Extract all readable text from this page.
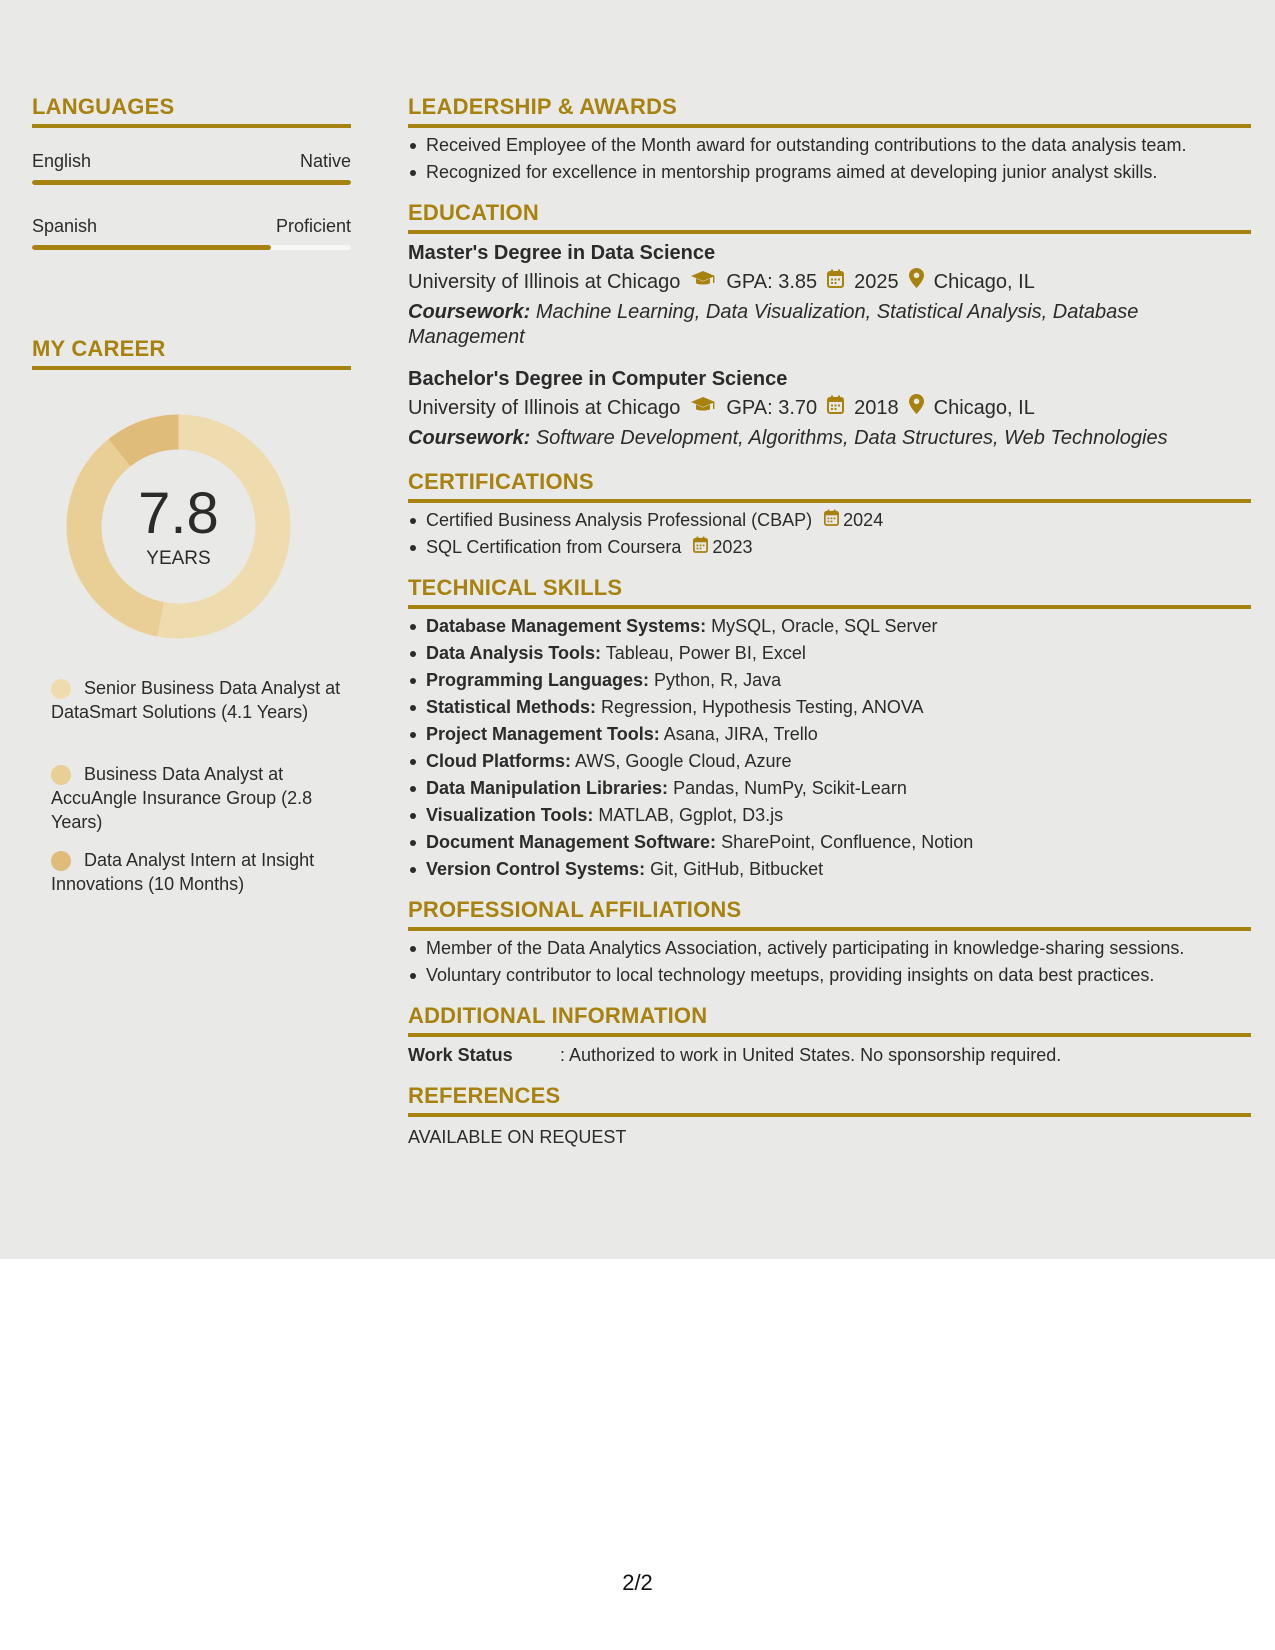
LANGUAGES
English	Native
Spanish	Proficient
MY CAREER
7.8
YEARS
Senior Business Data Analyst at DataSmart Solutions (4.1 Years)
Business Data Analyst at AccuAngle Insurance Group (2.8 Years)
Data Analyst Intern at Insight Innovations (10 Months)
LEADERSHIP & AWARDS
Received Employee of the Month award for outstanding contributions to the data analysis team.
Recognized for excellence in mentorship programs aimed at developing junior analyst skills.
EDUCATION
Master's Degree in Data Science
University of Illinois at Chicago GPA: 3.85 2025 Chicago, IL
Coursework: Machine Learning, Data Visualization, Statistical Analysis, Database Management
Bachelor's Degree in Computer Science
University of Illinois at Chicago GPA: 3.70 2018 Chicago, IL
Coursework: Software Development, Algorithms, Data Structures, Web Technologies
CERTIFICATIONS
Certified Business Analysis Professional (CBAP) 2024
SQL Certification from Coursera 2023
TECHNICAL SKILLS
Database Management Systems: MySQL, Oracle, SQL Server
Data Analysis Tools: Tableau, Power BI, Excel
Programming Languages: Python, R, Java
Statistical Methods: Regression, Hypothesis Testing, ANOVA
Project Management Tools: Asana, JIRA, Trello
Cloud Platforms: AWS, Google Cloud, Azure
Data Manipulation Libraries: Pandas, NumPy, Scikit-Learn
Visualization Tools: MATLAB, Ggplot, D3.js
Document Management Software: SharePoint, Confluence, Notion
Version Control Systems: Git, GitHub, Bitbucket
PROFESSIONAL AFFILIATIONS
Member of the Data Analytics Association, actively participating in knowledge-sharing sessions.
Voluntary contributor to local technology meetups, providing insights on data best practices.
ADDITIONAL INFORMATION
Work Status	: Authorized to work in United States. No sponsorship required.
REFERENCES
AVAILABLE ON REQUEST
2/2
